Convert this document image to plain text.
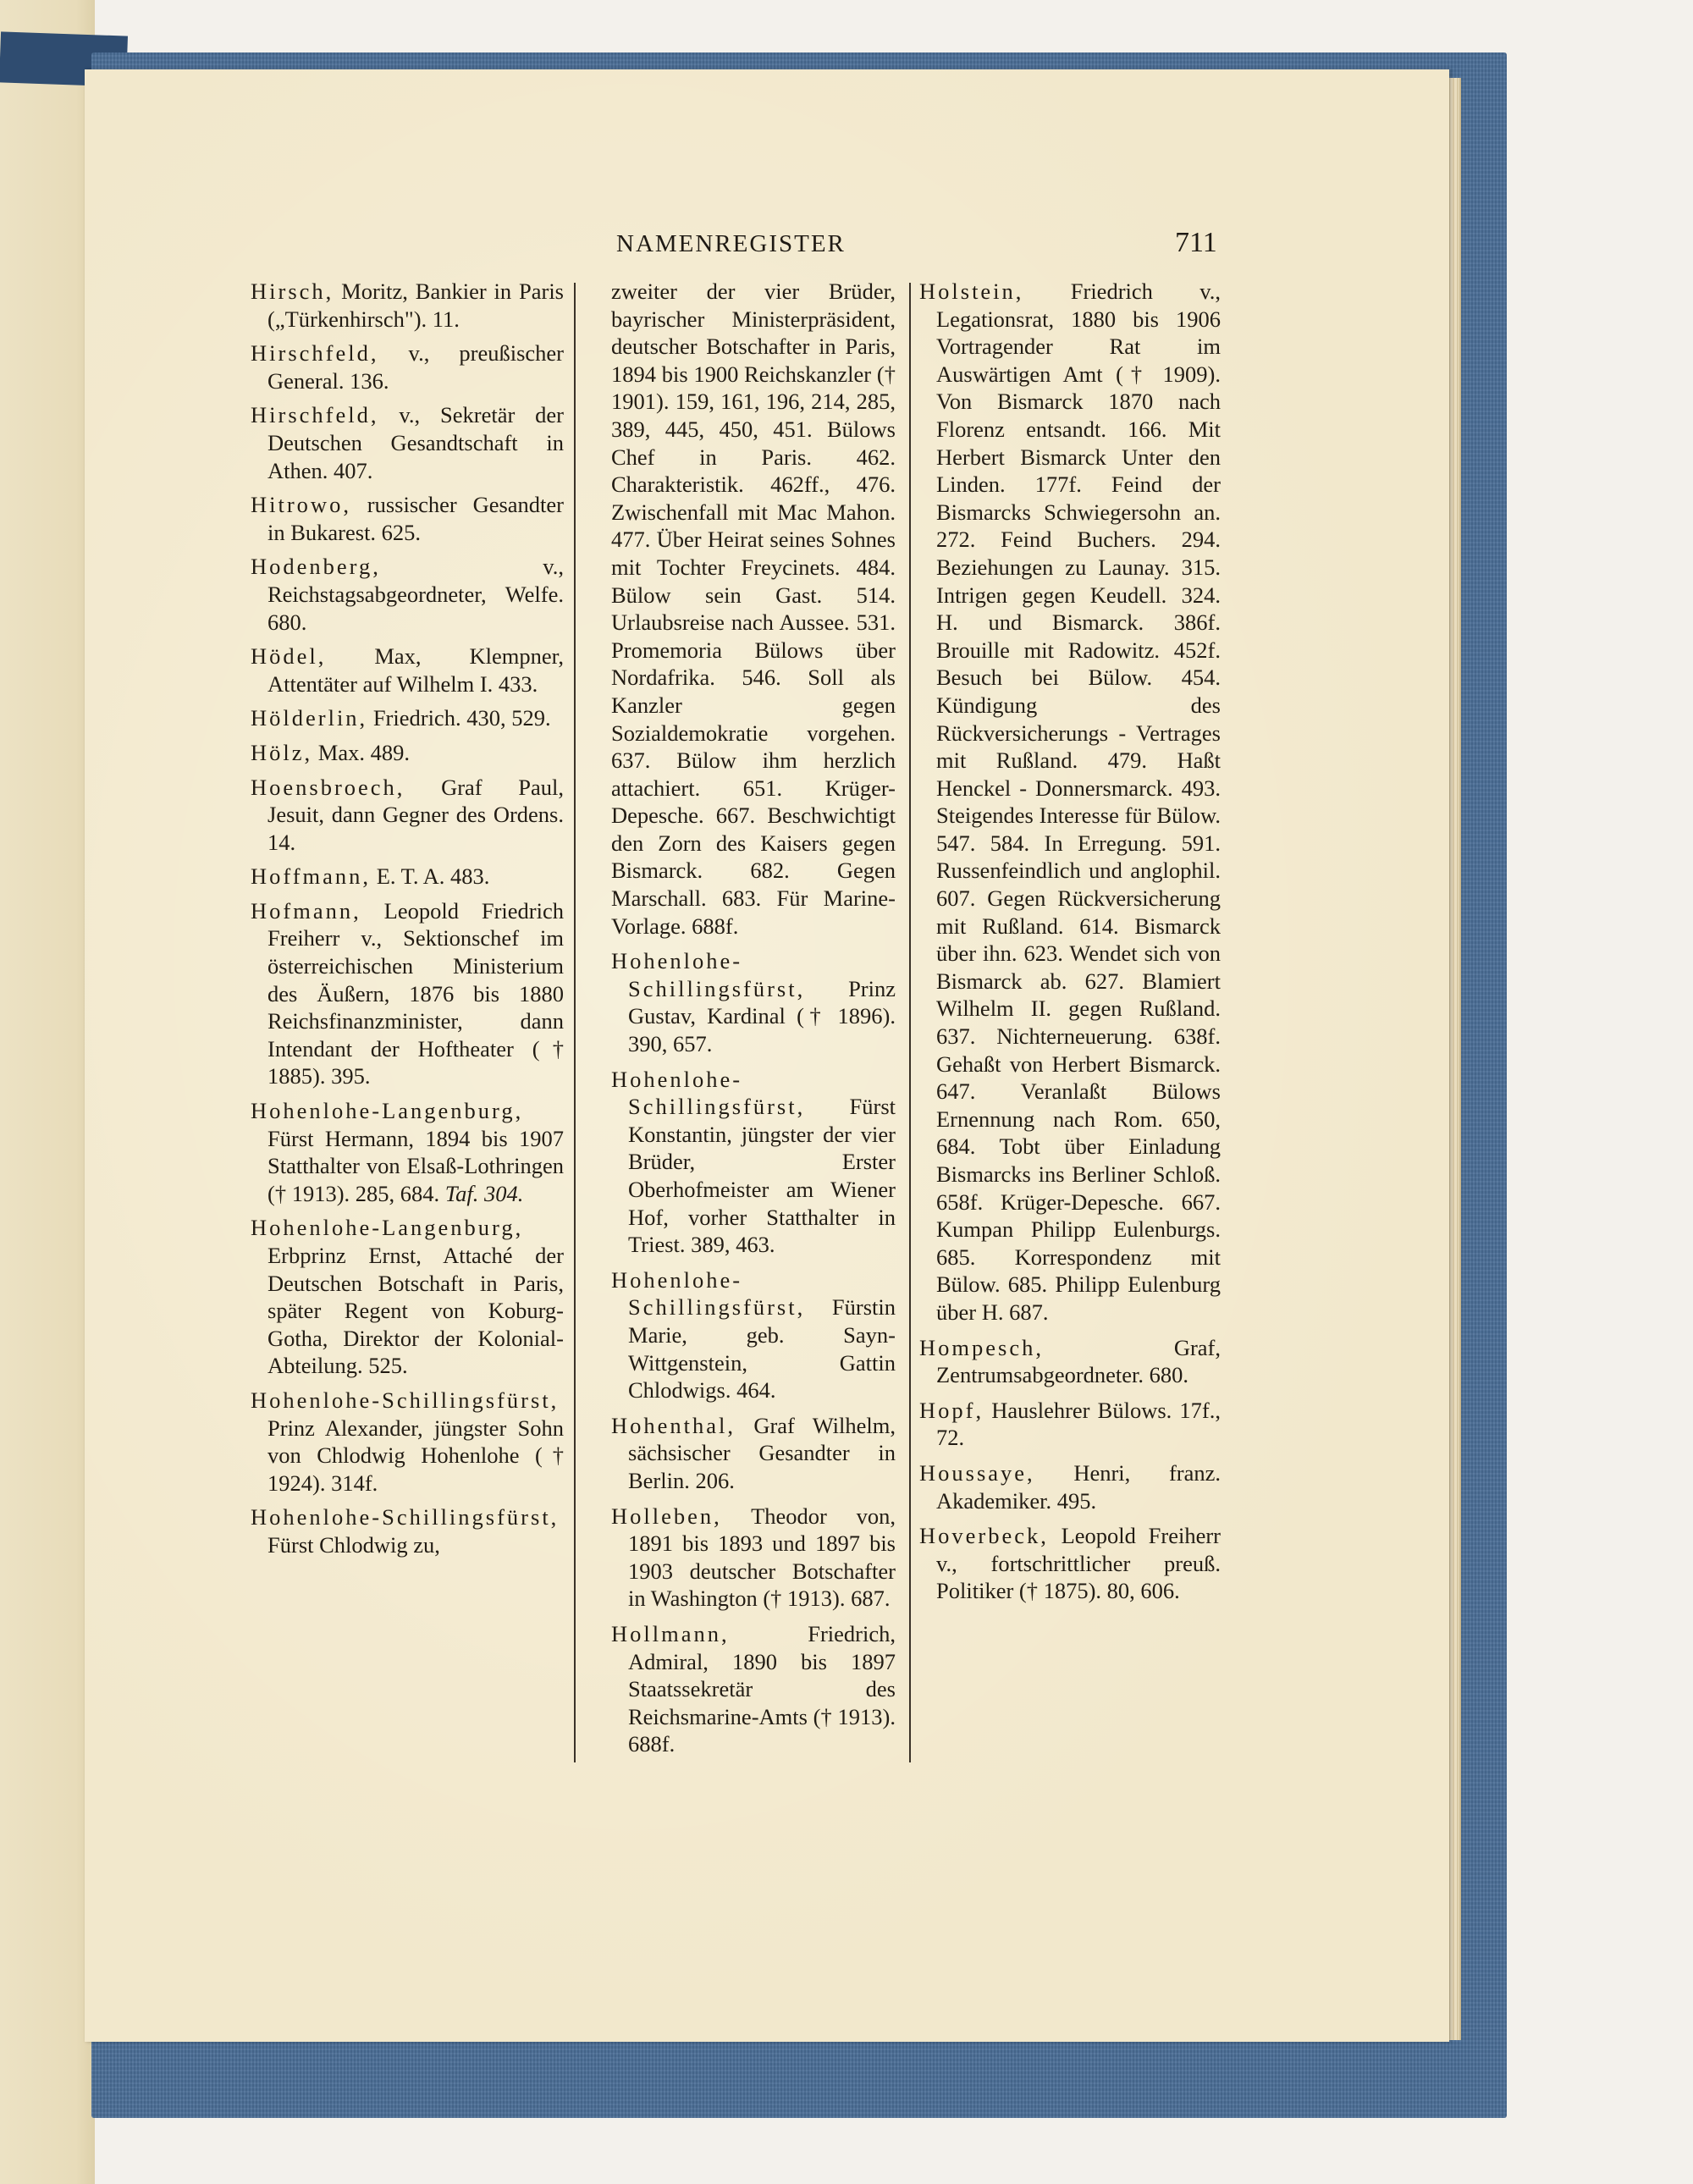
NAMENREGISTER	711
Hirsch, Moritz, Bankier in Paris („Türkenhirsch"). 11.
Hirschfeld, v., preußischer General. 136.
Hirschfeld, v., Sekretär der Deutschen Gesandtschaft in Athen. 407.
Hitrowo, russischer Gesandter in Bukarest. 625.
Hodenberg, v., Reichstagsabgeordneter, Welfe. 680.
Hödel, Max, Klempner, Attentäter auf Wilhelm I. 433.
Hölderlin, Friedrich. 430, 529.
Hölz, Max. 489.
Hoensbroech, Graf Paul, Jesuit, dann Gegner des Ordens. 14.
Hoffmann, E. T. A. 483.
Hofmann, Leopold Friedrich Freiherr v., Sektionschef im österreichischen Ministerium des Äußern, 1876 bis 1880 Reichsfinanzminister, dann Intendant der Hoftheater († 1885). 395.
Hohenlohe-Langenburg, Fürst Hermann, 1894 bis 1907 Statthalter von Elsaß-Lothringen († 1913). 285, 684. Taf. 304.
Hohenlohe-Langenburg, Erbprinz Ernst, Attaché der Deutschen Botschaft in Paris, später Regent von Koburg-Gotha, Direktor der Kolonial-Abteilung. 525.
Hohenlohe-Schillingsfürst, Prinz Alexander, jüngster Sohn von Chlodwig Hohenlohe († 1924). 314f.
Hohenlohe-Schillingsfürst, Fürst Chlodwig zu,
zweiter der vier Brüder, bayrischer Ministerpräsident, deutscher Botschafter in Paris, 1894 bis 1900 Reichskanzler († 1901). 159, 161, 196, 214, 285, 389, 445, 450, 451. Bülows Chef in Paris. 462. Charakteristik. 462ff., 476. Zwischenfall mit Mac Mahon. 477. Über Heirat seines Sohnes mit Tochter Freycinets. 484. Bülow sein Gast. 514. Urlaubsreise nach Aussee. 531. Promemoria Bülows über Nordafrika. 546. Soll als Kanzler gegen Sozialdemokratie vorgehen. 637. Bülow ihm herzlich attachiert. 651. Krüger-Depesche. 667. Beschwichtigt den Zorn des Kaisers gegen Bismarck. 682. Gegen Marschall. 683. Für Marine-Vorlage. 688f.
Hohenlohe-Schillingsfürst, Prinz Gustav, Kardinal († 1896). 390, 657.
Hohenlohe-Schillingsfürst, Fürst Konstantin, jüngster der vier Brüder, Erster Oberhofmeister am Wiener Hof, vorher Statthalter in Triest. 389, 463.
Hohenlohe-Schillingsfürst, Fürstin Marie, geb. Sayn-Wittgenstein, Gattin Chlodwigs. 464.
Hohenthal, Graf Wilhelm, sächsischer Gesandter in Berlin. 206.
Holleben, Theodor von, 1891 bis 1893 und 1897 bis 1903 deutscher Botschafter in Washington († 1913). 687.
Hollmann, Friedrich, Admiral, 1890 bis 1897 Staatssekretär des Reichsmarine-Amts († 1913). 688f.
Holstein, Friedrich v., Legationsrat, 1880 bis 1906 Vortragender Rat im Auswärtigen Amt († 1909). Von Bismarck 1870 nach Florenz entsandt. 166. Mit Herbert Bismarck Unter den Linden. 177f. Feind der Bismarcks Schwiegersohn an. 272. Feind Buchers. 294. Beziehungen zu Launay. 315. Intrigen gegen Keudell. 324. H. und Bismarck. 386f. Brouille mit Radowitz. 452f. Besuch bei Bülow. 454. Kündigung des Rückversicherungs - Vertrages mit Rußland. 479. Haßt Henckel - Donnersmarck. 493. Steigendes Interesse für Bülow. 547. 584. In Erregung. 591. Russenfeindlich und anglophil. 607. Gegen Rückversicherung mit Rußland. 614. Bismarck über ihn. 623. Wendet sich von Bismarck ab. 627. Blamiert Wilhelm II. gegen Rußland. 637. Nichterneuerung. 638f. Gehaßt von Herbert Bismarck. 647. Veranlaßt Bülows Ernennung nach Rom. 650, 684. Tobt über Einladung Bismarcks ins Berliner Schloß. 658f. Krüger-Depesche. 667. Kumpan Philipp Eulenburgs. 685. Korrespondenz mit Bülow. 685. Philipp Eulenburg über H. 687.
Hompesch, Graf, Zentrumsabgeordneter. 680.
Hopf, Hauslehrer Bülows. 17f., 72.
Houssaye, Henri, franz. Akademiker. 495.
Hoverbeck, Leopold Freiherr v., fortschrittlicher preuß. Politiker († 1875). 80, 606.
